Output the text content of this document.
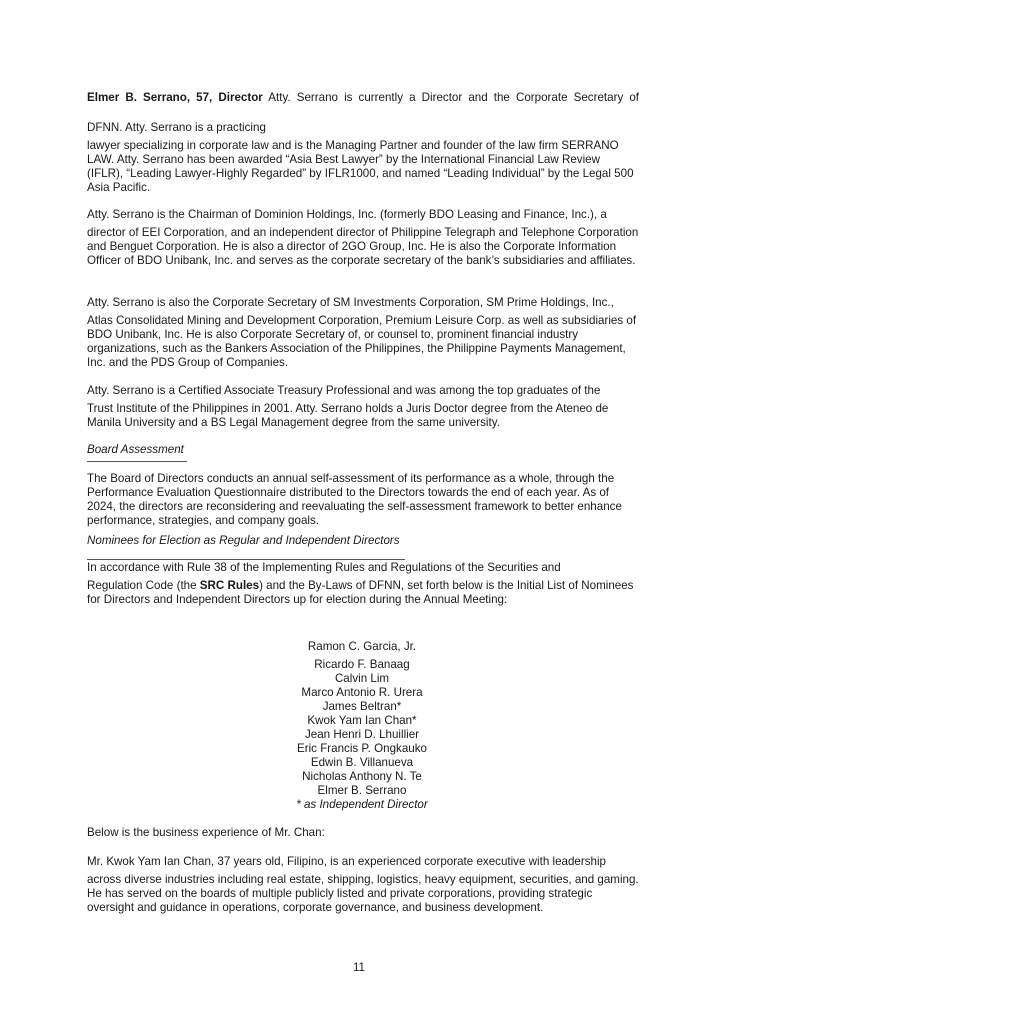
Elmer B. Serrano, 57, Director Atty. Serrano is currently a Director and the Corporate Secretary of

DFNN. Atty. Serrano is a practicing
lawyer specializing in corporate law and is the Managing Partner and founder of the law firm SERRANO LAW. Atty. Serrano has been awarded “Asia Best Lawyer” by the International Financial Law Review (IFLR), “Leading Lawyer-Highly Regarded” by IFLR1000, and named “Leading Individual” by the Legal 500 Asia Pacific.

Atty. Serrano is the Chairman of Dominion Holdings, Inc. (formerly BDO Leasing and Finance, Inc.), a
director of EEI Corporation, and an independent director of Philippine Telegraph and Telephone Corporation and Benguet Corporation. He is also a director of 2GO Group, Inc. He is also the Corporate Information Officer of BDO Unibank, Inc. and serves as the corporate secretary of the bank’s subsidiaries and affiliates.

Atty. Serrano is also the Corporate Secretary of SM Investments Corporation, SM Prime Holdings, Inc.,
Atlas Consolidated Mining and Development Corporation, Premium Leisure Corp. as well as subsidiaries of BDO Unibank, Inc. He is also Corporate Secretary of, or counsel to, prominent financial industry organizations, such as the Bankers Association of the Philippines, the Philippine Payments Management, Inc. and the PDS Group of Companies.

Atty. Serrano is a Certified Associate Treasury Professional and was among the top graduates of the
Trust Institute of the Philippines in 2001. Atty. Serrano holds a Juris Doctor degree from the Ateneo de Manila University and a BS Legal Management degree from the same university.

Board Assessment

The Board of Directors conducts an annual self-assessment of its performance as a whole, through the Performance Evaluation Questionnaire distributed to the Directors towards the end of each year. As of 2024, the directors are reconsidering and reevaluating the self-assessment framework to better enhance performance, strategies, and company goals.

Nominees for Election as Regular and Independent Directors

In accordance with Rule 38 of the Implementing Rules and Regulations of the Securities and
Regulation Code (the SRC Rules) and the By-Laws of DFNN, set forth below is the Initial List of Nominees for Directors and Independent Directors up for election during the Annual Meeting:

Ramon C. Garcia, Jr.
Ricardo F. Banaag
Calvin Lim
Marco Antonio R. Urera
James Beltran*
Kwok Yam Ian Chan*
Jean Henri D. Lhuillier
Eric Francis P. Ongkauko
Edwin B. Villanueva
Nicholas Anthony N. Te
Elmer B. Serrano
* as Independent Director

Below is the business experience of Mr. Chan:

Mr. Kwok Yam Ian Chan, 37 years old, Filipino, is an experienced corporate executive with leadership
across diverse industries including real estate, shipping, logistics, heavy equipment, securities, and gaming. He has served on the boards of multiple publicly listed and private corporations, providing strategic oversight and guidance in operations, corporate governance, and business development.

11
